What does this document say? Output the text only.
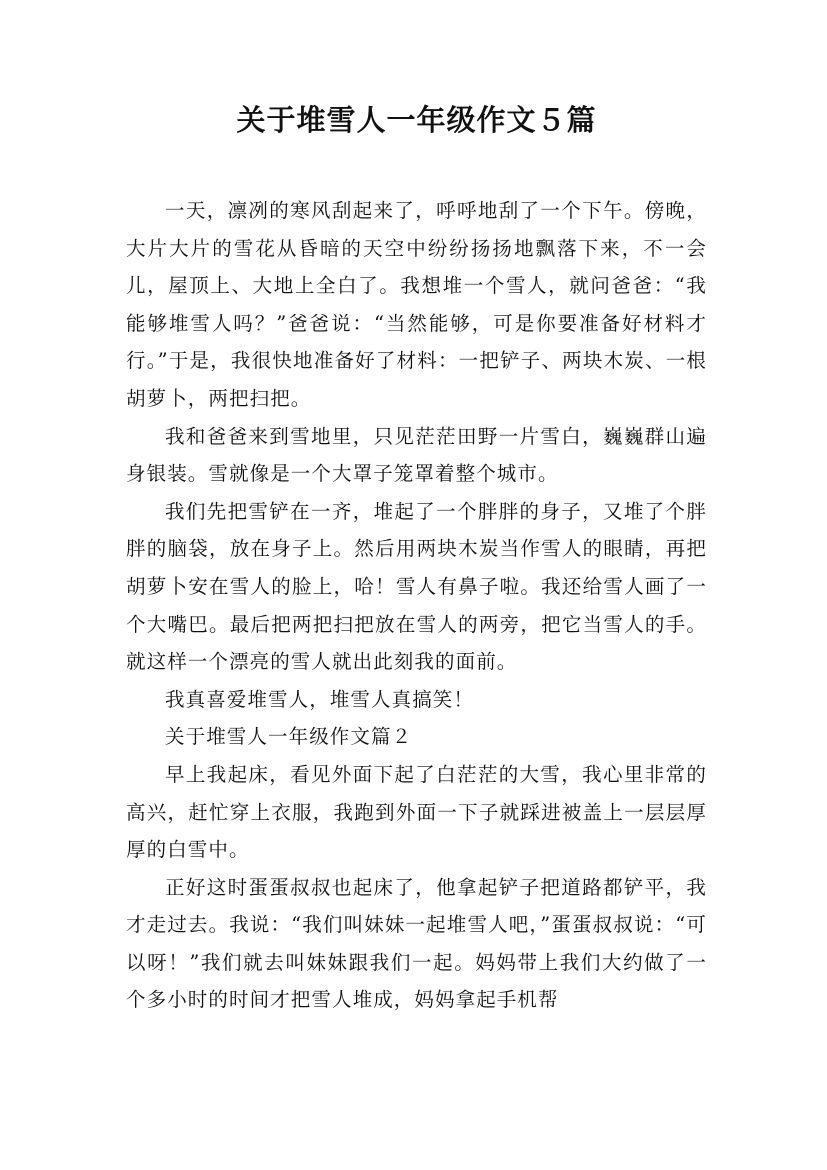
关于堆雪人一年级作文５篇

一天，凛冽的寒风刮起来了，呼呼地刮了一个下午。傍晚，大片大片的雪花从昏暗的天空中纷纷扬扬地飘落下来，不一会儿，屋顶上、大地上全白了。我想堆一个雪人，就问爸爸：“我能够堆雪人吗？”爸爸说：“当然能够，可是你要准备好材料才行。”于是，我很快地准备好了材料：一把铲子、两块木炭、一根胡萝卜，两把扫把。

我和爸爸来到雪地里，只见茫茫田野一片雪白，巍巍群山遍身银装。雪就像是一个大罩子笼罩着整个城市。

我们先把雪铲在一齐，堆起了一个胖胖的身子，又堆了个胖胖的脑袋，放在身子上。然后用两块木炭当作雪人的眼睛，再把胡萝卜安在雪人的脸上，哈！雪人有鼻子啦。我还给雪人画了一个大嘴巴。最后把两把扫把放在雪人的两旁，把它当雪人的手。就这样一个漂亮的雪人就出此刻我的面前。

我真喜爱堆雪人，堆雪人真搞笑！

关于堆雪人一年级作文篇２

早上我起床，看见外面下起了白茫茫的大雪，我心里非常的高兴，赶忙穿上衣服，我跑到外面一下子就踩进被盖上一层层厚厚的白雪中。

正好这时蛋蛋叔叔也起床了，他拿起铲子把道路都铲平，我才走过去。我说：“我们叫妹妹一起堆雪人吧，”蛋蛋叔叔说：“可以呀！”我们就去叫妹妹跟我们一起。妈妈带上我们大约做了一个多小时的时间才把雪人堆成，妈妈拿起手机帮
